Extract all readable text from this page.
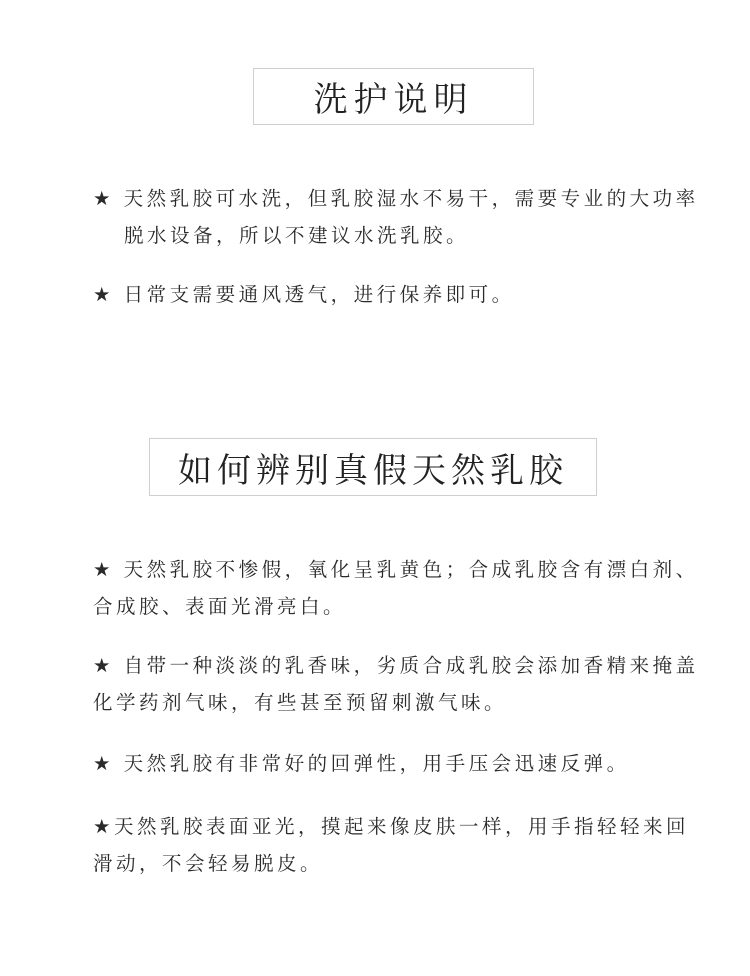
洗护说明
★ 天然乳胶可水洗，但乳胶湿水不易干，需要专业的大功率
脱水设备，所以不建议水洗乳胶。
★ 日常支需要通风透气，进行保养即可。
如何辨别真假天然乳胶
★ 天然乳胶不惨假，氧化呈乳黄色；合成乳胶含有漂白剂、
合成胶、表面光滑亮白。
★ 自带一种淡淡的乳香味，劣质合成乳胶会添加香精来掩盖
化学药剂气味，有些甚至预留刺激气味。
★ 天然乳胶有非常好的回弹性，用手压会迅速反弹。
★天然乳胶表面亚光，摸起来像皮肤一样，用手指轻轻来回
滑动，不会轻易脱皮。
